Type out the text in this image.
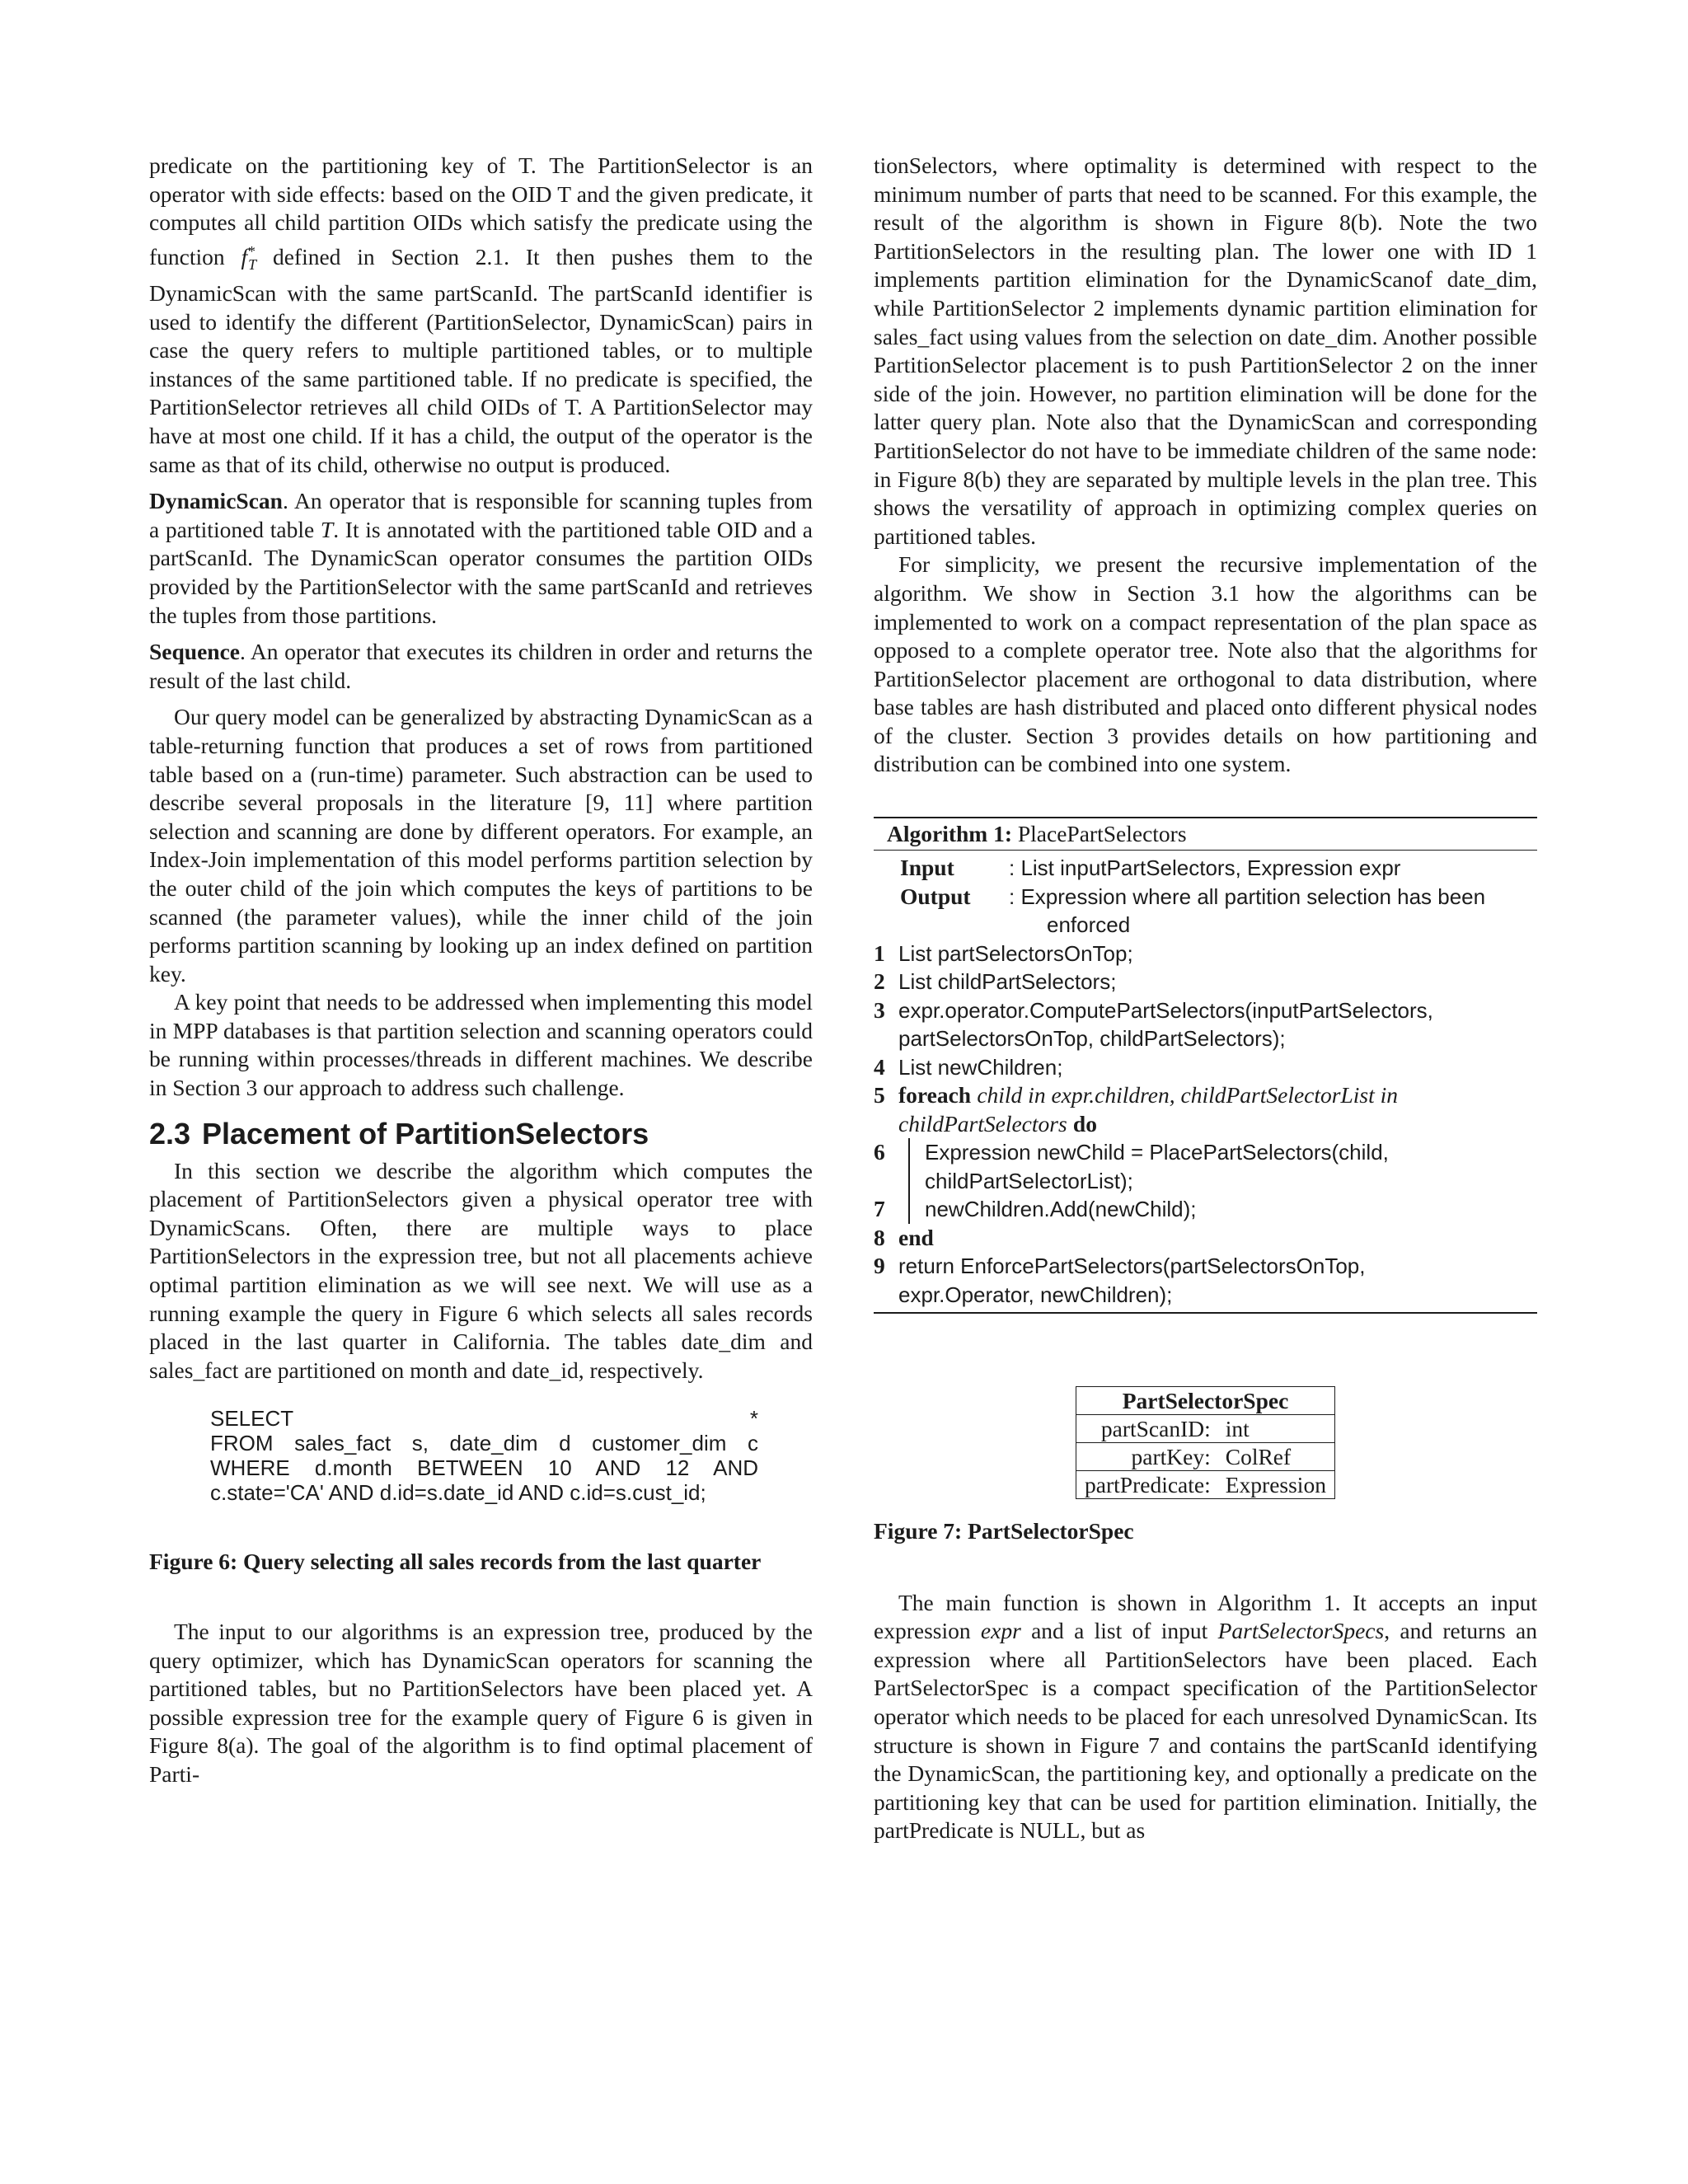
predicate on the partitioning key of T. The PartitionSelector is an operator with side effects: based on the OID T and the given predicate, it computes all child partition OIDs which satisfy the predicate using the function $f^*_T$ defined in Section 2.1. It then pushes them to the DynamicScan with the same partScanId. The partScanId identifier is used to identify the different (PartitionSelector, DynamicScan) pairs in case the query refers to multiple partitioned tables, or to multiple instances of the same partitioned table. If no predicate is specified, the PartitionSelector retrieves all child OIDs of T. A PartitionSelector may have at most one child. If it has a child, the output of the operator is the same as that of its child, otherwise no output is produced.

DynamicScan. An operator that is responsible for scanning tuples from a partitioned table T. It is annotated with the partitioned table OID and a partScanId. The DynamicScan operator consumes the partition OIDs provided by the PartitionSelector with the same partScanId and retrieves the tuples from those partitions.

Sequence. An operator that executes its children in order and returns the result of the last child.

Our query model can be generalized by abstracting DynamicScan as a table-returning function that produces a set of rows from partitioned table based on a (run-time) parameter. Such abstraction can be used to describe several proposals in the literature [9, 11] where partition selection and scanning are done by different operators. For example, an Index-Join implementation of this model performs partition selection by the outer child of the join which computes the keys of partitions to be scanned (the parameter values), while the inner child of the join performs partition scanning by looking up an index defined on partition key.

A key point that needs to be addressed when implementing this model in MPP databases is that partition selection and scanning operators could be running within processes/threads in different machines. We describe in Section 3 our approach to address such challenge.

2.3 Placement of PartitionSelectors

In this section we describe the algorithm which computes the placement of PartitionSelectors given a physical operator tree with DynamicScans. Often, there are multiple ways to place PartitionSelectors in the expression tree, but not all placements achieve optimal partition elimination as we will see next. We will use as a running example the query in Figure 6 which selects all sales records placed in the last quarter in California. The tables date_dim and sales_fact are partitioned on month and date_id, respectively.

SELECT *
FROM sales_fact s, date_dim d customer_dim c
WHERE d.month BETWEEN 10 AND 12 AND
c.state='CA' AND d.id=s.date_id AND c.id=s.cust_id;

Figure 6: Query selecting all sales records from the last quarter

The input to our algorithms is an expression tree, produced by the query optimizer, which has DynamicScan operators for scanning the partitioned tables, but no PartitionSelectors have been placed yet. A possible expression tree for the example query of Figure 6 is given in Figure 8(a). The goal of the algorithm is to find optimal placement of Parti-

tionSelectors, where optimality is determined with respect to the minimum number of parts that need to be scanned. For this example, the result of the algorithm is shown in Figure 8(b). Note the two PartitionSelectors in the resulting plan. The lower one with ID 1 implements partition elimination for the DynamicScanof date_dim, while PartitionSelector 2 implements dynamic partition elimination for sales_fact using values from the selection on date_dim. Another possible PartitionSelector placement is to push PartitionSelector 2 on the inner side of the join. However, no partition elimination will be done for the latter query plan. Note also that the DynamicScan and corresponding PartitionSelector do not have to be immediate children of the same node: in Figure 8(b) they are separated by multiple levels in the plan tree. This shows the versatility of approach in optimizing complex queries on partitioned tables.

For simplicity, we present the recursive implementation of the algorithm. We show in Section 3.1 how the algorithms can be implemented to work on a compact representation of the plan space as opposed to a complete operator tree. Note also that the algorithms for PartitionSelector placement are orthogonal to data distribution, where base tables are hash distributed and placed onto different physical nodes of the cluster. Section 3 provides details on how partitioning and distribution can be combined into one system.

Algorithm 1: PlacePartSelectors
Input	: List inputPartSelectors, Expression expr
Output	: Expression where all partition selection has been
enforced
1 List partSelectorsOnTop;
2 List childPartSelectors;
3 expr.operator.ComputePartSelectors(inputPartSelectors,
partSelectorsOnTop, childPartSelectors);
4 List newChildren;
5 foreach child in expr.children, childPartSelectorList in
childPartSelectors do
6	Expression newChild = PlacePartSelectors(child,
childPartSelectorList);
7	newChildren.Add(newChild);
8 end
9 return EnforcePartSelectors(partSelectorsOnTop,
expr.Operator, newChildren);
PartSelectorSpec	
partScanID:	int
partKey:	ColRef
partPredicate:	Expression

Figure 7: PartSelectorSpec

The main function is shown in Algorithm 1. It accepts an input expression expr and a list of input PartSelectorSpecs, and returns an expression where all PartitionSelectors have been placed. Each PartSelectorSpec is a compact specification of the PartitionSelector operator which needs to be placed for each unresolved DynamicScan. Its structure is shown in Figure 7 and contains the partScanId identifying the DynamicScan, the partitioning key, and optionally a predicate on the partitioning key that can be used for partition elimination. Initially, the partPredicate is NULL, but as
